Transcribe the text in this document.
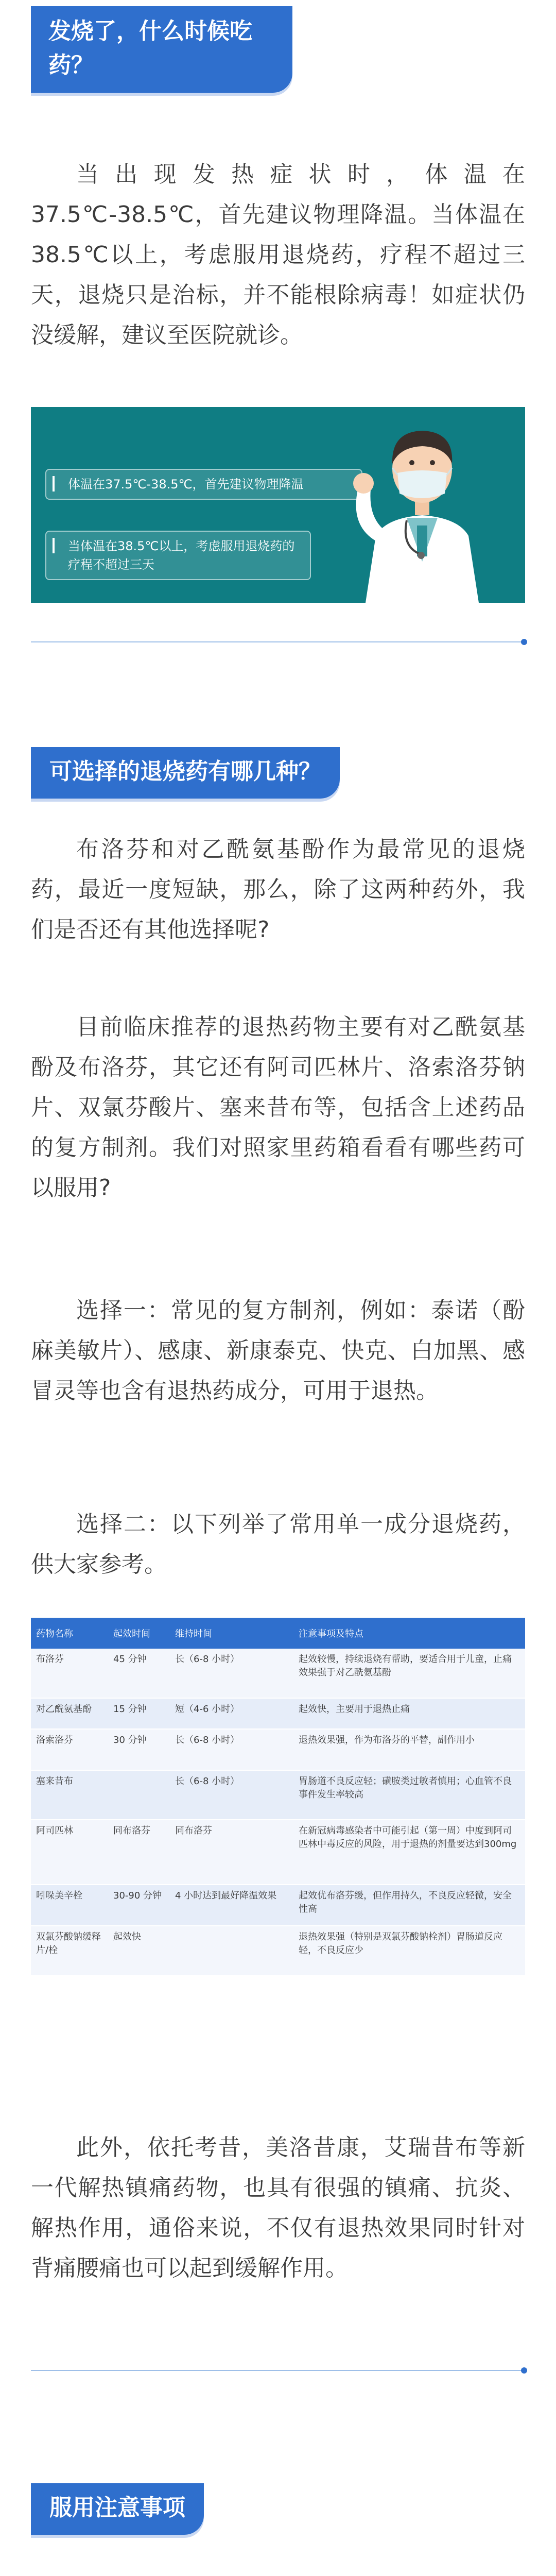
发烧了，什么时候吃
药？

当出现发热症状时，体温在37.5℃-38.5℃，首先建议物理降温。当体温在38.5℃以上，考虑服用退烧药，疗程不超过三天，退烧只是治标，并不能根除病毒！如症状仍没缓解，建议至医院就诊。

体温在37.5℃-38.5℃，首先建议物理降温
当体温在38.5℃以上，考虑服用退烧药的疗程不超过三天
可选择的退烧药有哪几种？

布洛芬和对乙酰氨基酚作为最常见的退烧药，最近一度短缺，那么，除了这两种药外，我们是否还有其他选择呢?

目前临床推荐的退热药物主要有对乙酰氨基酚及布洛芬，其它还有阿司匹林片、洛索洛芬钠片、双氯芬酸片、塞来昔布等，包括含上述药品的复方制剂。我们对照家里药箱看看有哪些药可以服用?

选择一：常见的复方制剂，例如：泰诺（酚麻美敏片）、感康、新康泰克、快克、白加黑、感冒灵等也含有退热药成分，可用于退热。

选择二：以下列举了常用单一成分退烧药，供大家参考。

药物名称	起效时间	维持时间	注意事项及特点
布洛芬	45 分钟	长（6-8 小时）	起效较慢，持续退烧有帮助，要适合用于儿童，止痛效果强于对乙酰氨基酚
对乙酰氨基酚	15 分钟	短（4-6 小时）	起效快，主要用于退热止痛
洛索洛芬	30 分钟	长（6-8 小时）	退热效果强，作为布洛芬的平替，副作用小
塞来昔布		长（6-8 小时）	胃肠道不良反应轻；磺胺类过敏者慎用；心血管不良事件发生率较高
阿司匹林	同布洛芬	同布洛芬	在新冠病毒感染者中可能引起（第一周）中度到阿司匹林中毒反应的风险，用于退热的剂量要达到300mg
吲哚美辛栓	30-90 分钟	4 小时达到最好降温效果	起效优布洛芬缓，但作用持久，不良反应轻微，安全性高
双氯芬酸钠缓释片/栓	起效快		退热效果强（特别是双氯芬酸钠栓剂）胃肠道反应轻，不良反应少

此外，依托考昔，美洛昔康，艾瑞昔布等新一代解热镇痛药物，也具有很强的镇痛、抗炎、解热作用，通俗来说，不仅有退热效果同时针对背痛腰痛也可以起到缓解作用。

服用注意事项
